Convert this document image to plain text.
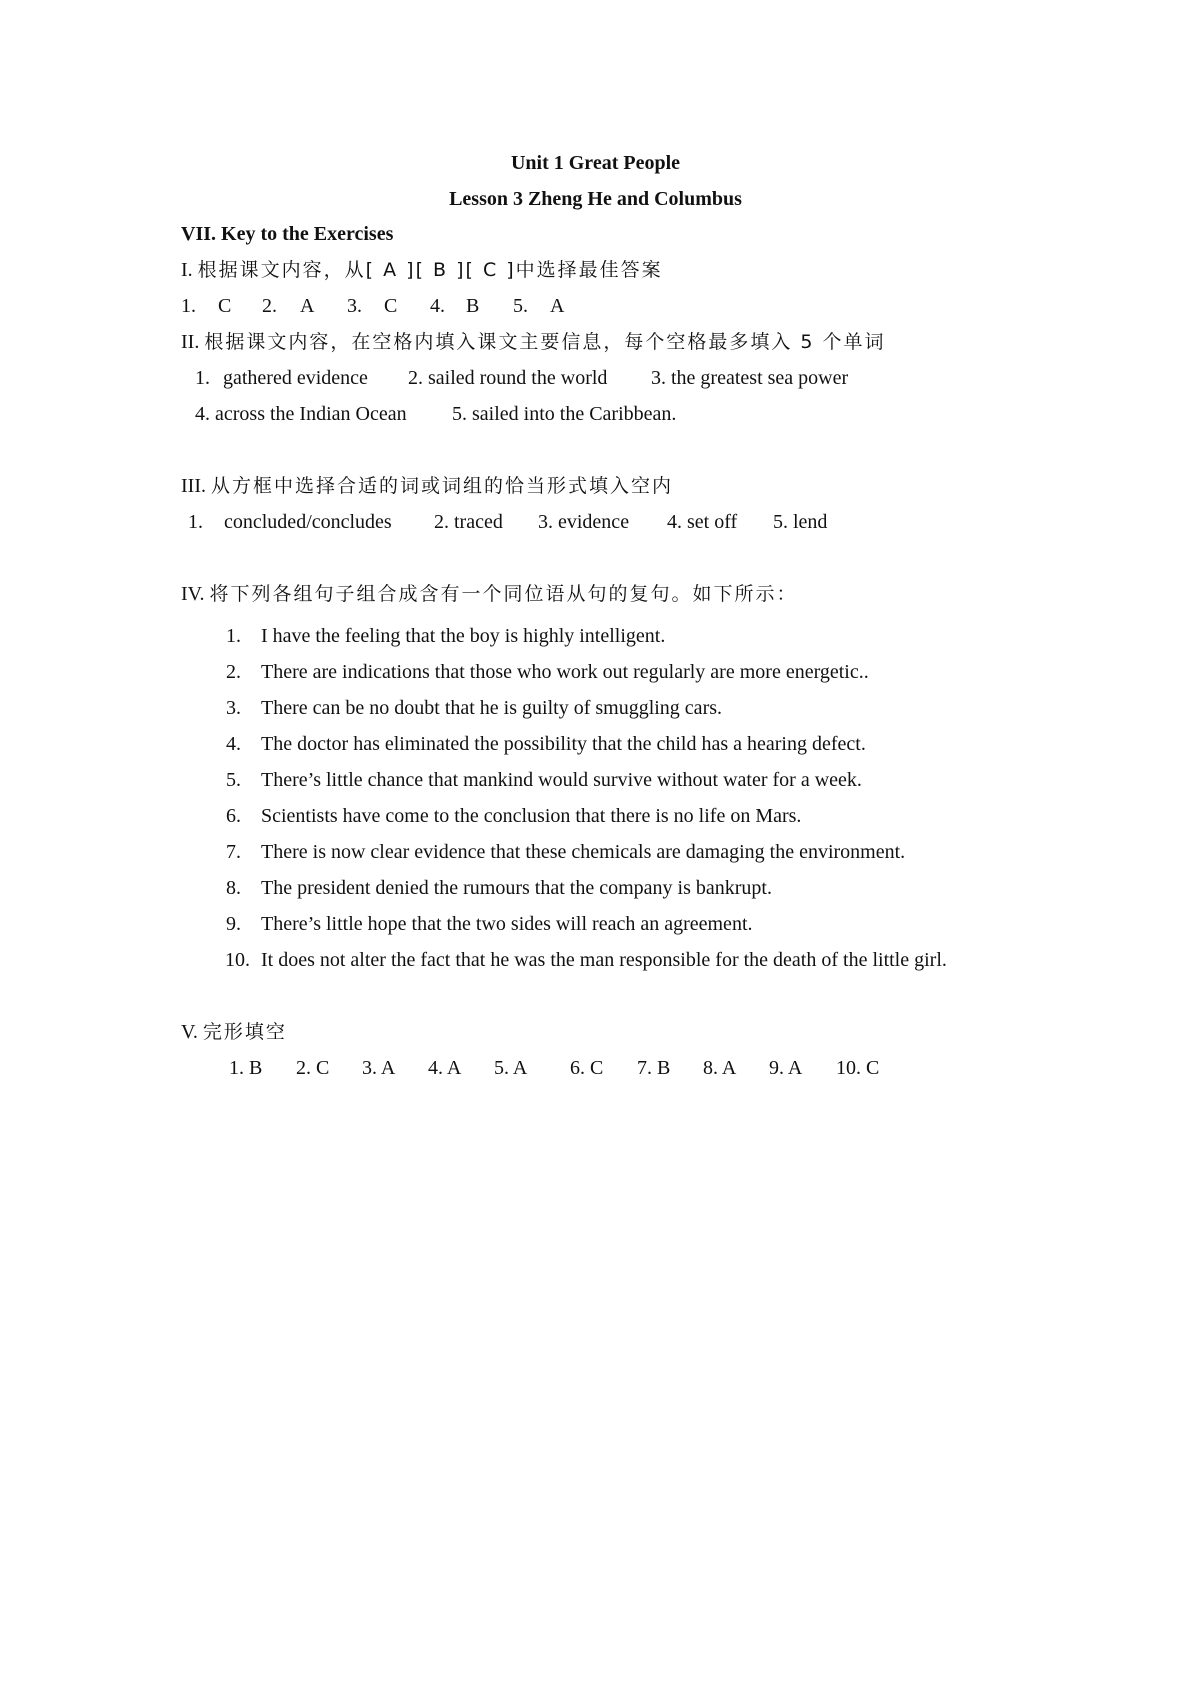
Unit 1 Great People
Lesson 3 Zheng He and Columbus
VII. Key to the Exercises
I. 根据课文内容，从[ A ][ B ][ C ]中选择最佳答案
1. C 2. A 3. C 4. B 5. A
II. 根据课文内容，在空格内填入课文主要信息，每个空格最多填入 5 个单词
1. gathered evidence 2. sailed round the world 3. the greatest sea power
4. across the Indian Ocean 5. sailed into the Caribbean.
III. 从方框中选择合适的词或词组的恰当形式填入空内
1. concluded/concludes 2. traced 3. evidence 4. set off 5. lend
IV. 将下列各组句子组合成含有一个同位语从句的复句。如下所示：
1. I have the feeling that the boy is highly intelligent.
2. There are indications that those who work out regularly are more energetic..
3. There can be no doubt that he is guilty of smuggling cars.
4. The doctor has eliminated the possibility that the child has a hearing defect.
5. There’s little chance that mankind would survive without water for a week.
6. Scientists have come to the conclusion that there is no life on Mars.
7. There is now clear evidence that these chemicals are damaging the environment.
8. The president denied the rumours that the company is bankrupt.
9. There’s little hope that the two sides will reach an agreement.
10. It does not alter the fact that he was the man responsible for the death of the little girl.
V. 完形填空
1. B 2. C 3. A 4. A 5. A 6. C 7. B 8. A 9. A 10. C
